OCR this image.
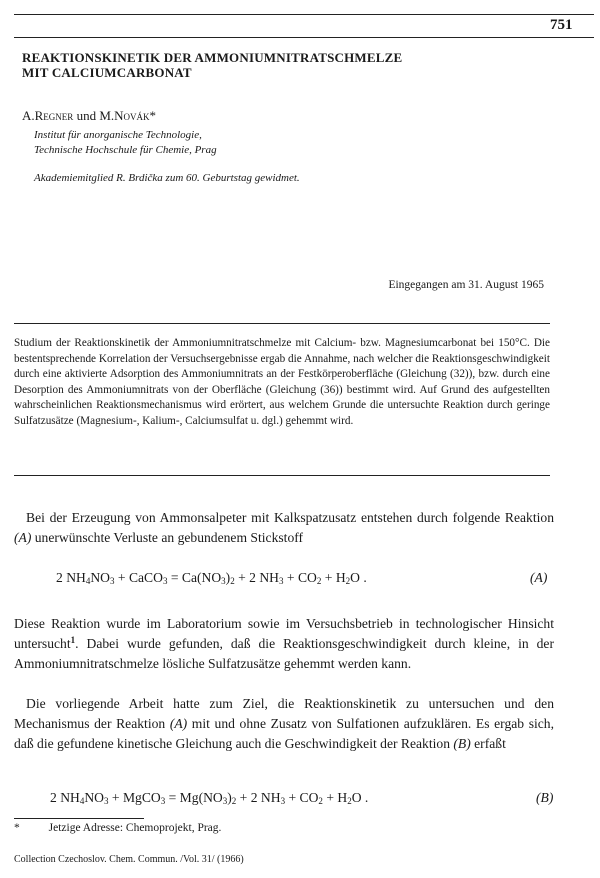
751
REAKTIONSKINETIK DER AMMONIUMNITRATSCHMELZE
MIT CALCIUMCARBONAT
A.Regner und M.Novák*
Institut für anorganische Technologie,
Technische Hochschule für Chemie, Prag
Akademiemitglied R. Brdička zum 60. Geburtstag gewidmet.
Eingegangen am 31. August 1965
Studium der Reaktionskinetik der Ammoniumnitratschmelze mit Calcium- bzw. Magnesiumcarbonat bei 150°C. Die bestentsprechende Korrelation der Versuchsergebnisse ergab die Annahme, nach welcher die Reaktionsgeschwindigkeit durch eine aktivierte Adsorption des Ammoniumnitrats an der Festkörperoberfläche (Gleichung (32)), bzw. durch eine Desorption des Ammoniumnitrats von der Oberfläche (Gleichung (36)) bestimmt wird. Auf Grund des aufgestellten wahrscheinlichen Reaktionsmechanismus wird erörtert, aus welchem Grunde die untersuchte Reaktion durch geringe Sulfatzusätze (Magnesium-, Kalium-, Calciumsulfat u. dgl.) gehemmt wird.

Bei der Erzeugung von Ammonsalpeter mit Kalkspatzusatz entstehen durch folgende Reaktion (A) unerwünschte Verluste an gebundenem Stickstoff

2 $NH_4NO_3$ + CaCO$_3$ = $Ca(NO_3)_2 + 2$ $NH_3 + CO_2 + H_2O$ .	(A)

Diese Reaktion wurde im Laboratorium sowie im Versuchsbetrieb in technologischer Hinsicht untersucht$^1$. Dabei wurde gefunden, daß die Reaktionsgeschwindigkeit durch kleine, in der Ammoniumnitratschmelze lösliche Sulfatzusätze gehemmt werden kann.

Die vorliegende Arbeit hatte zum Ziel, die Reaktionskinetik zu untersuchen und den Mechanismus der Reaktion (A) mit und ohne Zusatz von Sulfationen aufzuklären. Es ergab sich, daß die gefundene kinetische Gleichung auch die Geschwindigkeit der Reaktion (B) erfaßt

2 $NH_4NO_3$ + MgCO$_3$ = $Mg(NO_3)_2 + 2$ $NH_3 + CO_2 + H_2O$ .	(B)
*	Jetzige Adresse: Chemoprojekt, Prag.
Collection Czechoslov. Chem. Commun. /Vol. 31/ (1966)
